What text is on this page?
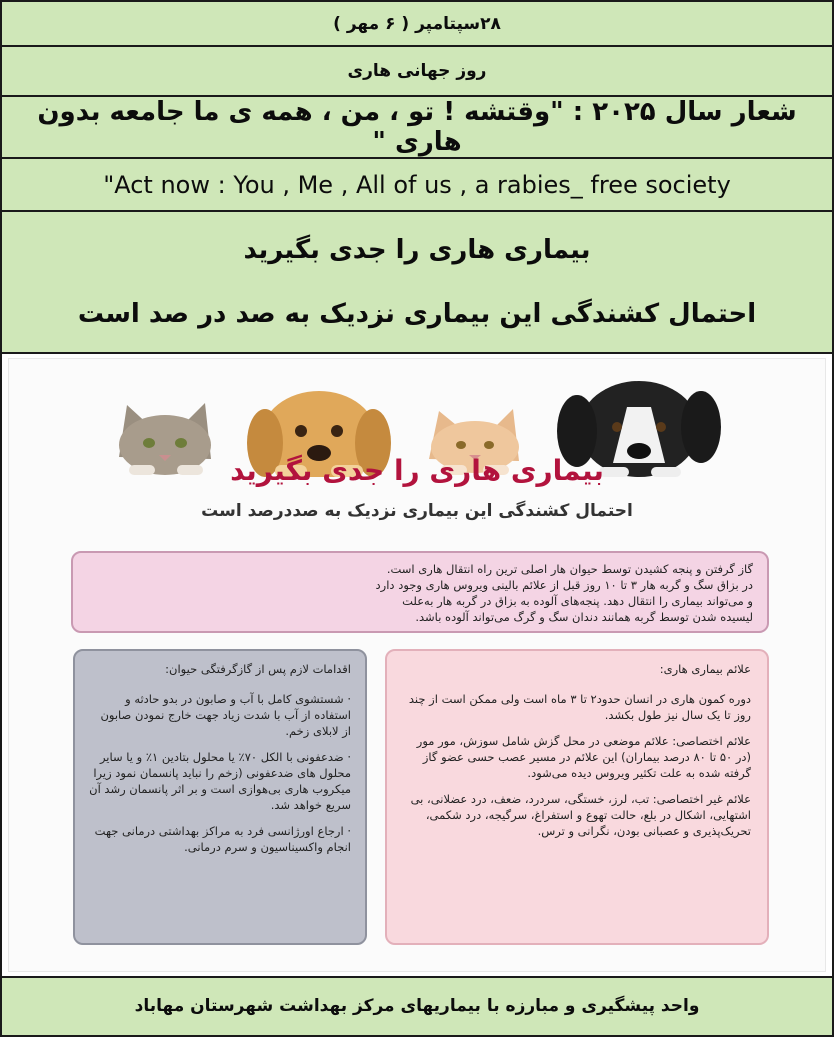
۲۸سپتامپر ( ۶ مهر )
روز جهانی هاری
شعار سال ۲۰۲۵ : "وقتشه ! تو ، من ، همه ی ما جامعه بدون هاری "
"Act now : You , Me , All of us , a rabies_ free society
بیماری هاری را جدی بگیرید
احتمال کشندگی این بیماری نزدیک به صد در صد است
بیماری هاری را جدی بگیرید
احتمال کشندگی این بیماری نزدیک به صددرصد است
گاز گرفتن و پنجه کشیدن توسط حیوان هار اصلی ترین راه انتقال هاری است.
در بزاق سگ و گربه هار ۳ تا ۱۰ روز قبل از علائم بالینی ویروس هاری وجود دارد
و می‌تواند بیماری را انتقال دهد. پنجه‌های آلوده به بزاق در گربه هار به‌علت
لیسیده شدن توسط گربه همانند دندان سگ و گرگ می‌تواند آلوده باشد.

علائم بیماری هاری:

دوره کمون هاری در انسان حدود۲ تا ۳ ماه است ولی ممکن است از چند روز تا یک سال نیز طول بکشد.

علائم اختصاصی: علائم موضعی در محل گزش شامل سوزش، مور مور (در ۵۰ تا ۸۰ درصد بیماران) این علائم در مسیر عصب حسی عضو گاز گرفته شده به علت تکثیر ویروس دیده می‌شود.

علائم غیر اختصاصی: تب، لرز، خستگی، سردرد، ضعف، درد عضلانی، بی اشتهایی، اشکال در بلع، حالت تهوع و استفراغ، سرگیجه، درد شکمی، تحریک‌پذیری و عصبانی بودن، نگرانی و ترس.

اقدامات لازم پس از گازگرفتگی حیوان:

· شستشوی کامل با آب و صابون در بدو حادثه و استفاده از آب با شدت زیاد جهت خارج نمودن صابون از لابلای زخم.

· ضدعفونی با الکل ۷۰٪ یا محلول بتادین ۱٪ و یا سایر محلول های ضدعفونی (زخم را نباید پانسمان نمود زیرا میکروب هاری بی‌هوازی است و بر اثر پانسمان رشد آن سریع خواهد شد.

· ارجاع اورژانسی فرد به مراکز بهداشتی درمانی جهت انجام واکسیناسیون و سرم درمانی.

واحد پیشگیری و مبارزه با بیماریهای مرکز بهداشت شهرستان مهاباد
